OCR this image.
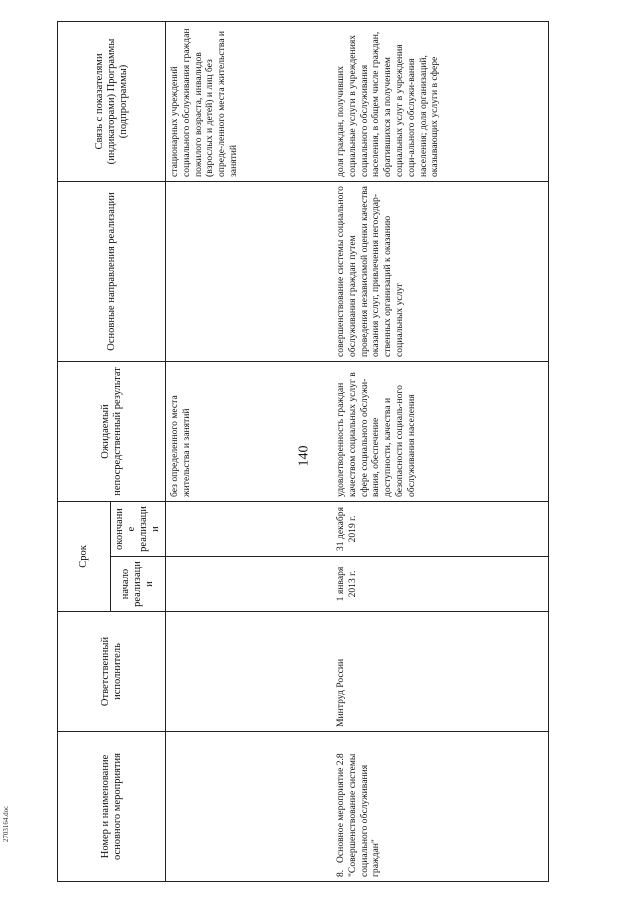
140
2703164.doc	Номер и наименование основного мероприятия	Ответственный исполнитель	Срок		Ожидаемый непосредственный результат	Основные направления реализации	Связь с показателями (индикаторами) Программы (подпрограммы)
		начало реализации	окончание реализации			
				без определенного места жительства и занятий		стационарных учреждений социального обслуживания граждан пожилого возраста, инвалидов (взрослых и детей) и лиц без опреде-ленного места жительства и занятий
8.Основное мероприятие 2.8 "Совершенствование системы социального обслуживания граждан"	Минтруд России	1 января 2013 г.	31 декабря 2019 г.	удовлетворенность граждан качеством социальных услуг в сфере социального обслужи-вания, обеспечение доступности, качества и безопасности социаль-ного обслуживания населения	совершенствование системы социального обслуживания граждан путем проведения независимой оценки качества оказания услуг, привлечения негосудар-ственных организаций к оказанию социальных услуг	доля граждан, получивших социальные услуги в учреждениях социального обслуживания населения, в общем числе граждан, обратившихся за получением социальных услуг в учреждения соци-ального обслужи-вания населения; доля организаций, оказывающих услуги в сфере
